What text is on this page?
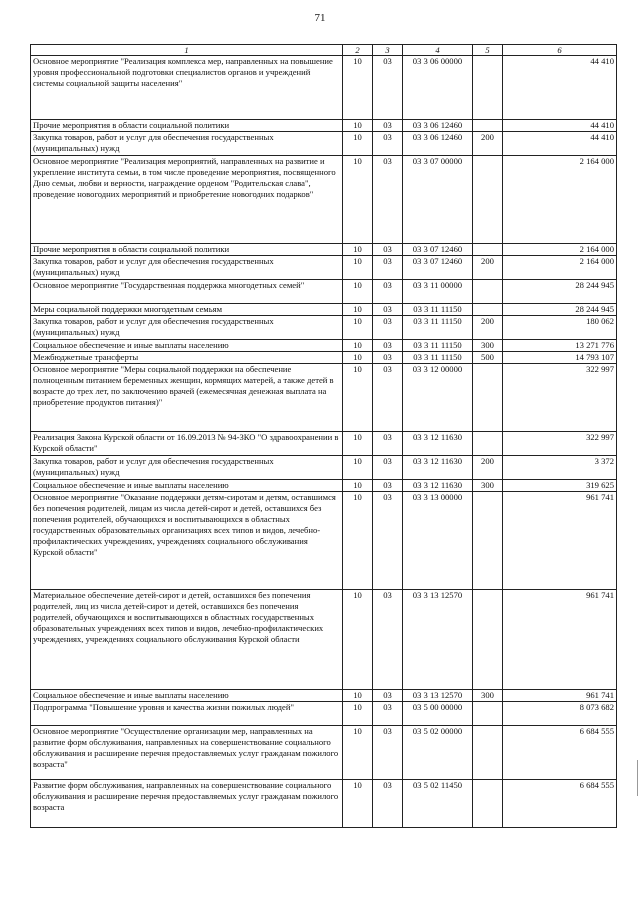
71
1	2	3	4	5	6
Основное мероприятие "Реализация комплекса мер, направленных на повышение уровня профессиональной подготовки специалистов органов и учреждений системы социальной защиты населения"	10	03	03 3 06 00000		44 410
Прочие мероприятия в области социальной политики	10	03	03 3 06 12460		44 410
Закупка товаров, работ и услуг для обеспечения государственных (муниципальных) нужд	10	03	03 3 06 12460	200	44 410
Основное мероприятие "Реализация мероприятий, направленных на развитие и укрепление института семьи, в том числе проведение мероприятия, посвященного Дню семьи, любви и верности, награждение орденом "Родительская слава", проведение новогодних мероприятий и приобретение новогодних подарков"	10	03	03 3 07 00000		2 164 000
Прочие мероприятия в области социальной политики	10	03	03 3 07 12460		2 164 000
Закупка товаров, работ и услуг для обеспечения государственных (муниципальных) нужд	10	03	03 3 07 12460	200	2 164 000
Основное мероприятие "Государственная поддержка многодетных семей"	10	03	03 3 11 00000		28 244 945
Меры социальной поддержки многодетным семьям	10	03	03 3 11 11150		28 244 945
Закупка товаров, работ и услуг для обеспечения государственных (муниципальных) нужд	10	03	03 3 11 11150	200	180 062
Социальное обеспечение и иные выплаты населению	10	03	03 3 11 11150	300	13 271 776
Межбюджетные трансферты	10	03	03 3 11 11150	500	14 793 107
Основное мероприятие "Меры социальной поддержки на обеспечение полноценным питанием беременных женщин, кормящих матерей, а также детей в возрасте до трех лет, по заключению врачей (ежемесячная денежная выплата на приобретение продуктов питания)"	10	03	03 3 12 00000		322 997
Реализация Закона Курской области от 16.09.2013 № 94-ЗКО "О здравоохранении в Курской области"	10	03	03 3 12 11630		322 997
Закупка товаров, работ и услуг для обеспечения государственных (муниципальных) нужд	10	03	03 3 12 11630	200	3 372
Социальное обеспечение и иные выплаты населению	10	03	03 3 12 11630	300	319 625
Основное мероприятие "Оказание поддержки детям-сиротам и детям, оставшимся без попечения родителей, лицам из числа детей-сирот и детей, оставшихся без попечения родителей, обучающихся и воспитывающихся в областных государственных образовательных организациях всех типов и видов, лечебно-профилактических учреждениях, учреждениях социального обслуживания Курской области"	10	03	03 3 13 00000		961 741
Материальное обеспечение детей-сирот и детей, оставшихся без попечения родителей, лиц из числа детей-сирот и детей, оставшихся без попечения родителей, обучающихся и воспитывающихся в областных государственных образовательных учреждениях всех типов и видов, лечебно-профилактических учреждениях, учреждениях социального обслуживания Курской области	10	03	03 3 13 12570		961 741
Социальное обеспечение и иные выплаты населению	10	03	03 3 13 12570	300	961 741
Подпрограмма "Повышение уровня и качества жизни пожилых людей"	10	03	03 5 00 00000		8 073 682
Основное мероприятие "Осуществление организации мер, направленных на развитие форм обслуживания, направленных на совершенствование социального обслуживания и расширение перечня предоставляемых услуг гражданам пожилого возраста"	10	03	03 5 02 00000		6 684 555
Развитие форм обслуживания, направленных на совершенствование социального обслуживания и расширение перечня предоставляемых услуг гражданам пожилого возраста	10	03	03 5 02 11450		6 684 555
